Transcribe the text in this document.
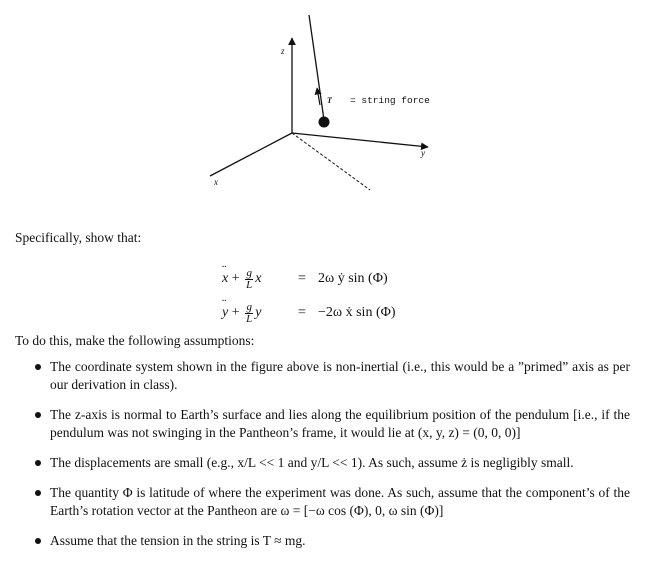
z
y
x
T = string force
Specifically, show that:
x ¨ + $\frac{g}{L}$ x	= 2ω ẏ sin (Φ)
y ¨ + $\frac{g}{L}$ y	= −2ω ẋ sin (Φ)
To do this, make the following assumptions:
The coordinate system shown in the figure above is non-inertial (i.e., this would be a ”primed” axis as per our derivation in class).
The z-axis is normal to Earth’s surface and lies along the equilibrium position of the pendulum [i.e., if the pendulum was not swinging in the Pantheon’s frame, it would lie at (x, y, z) = (0, 0, 0)]
The displacements are small (e.g., x/L << 1 and y/L << 1). As such, assume ż is negligibly small.
The quantity Φ is latitude of where the experiment was done. As such, assume that the component’s of the Earth’s rotation vector at the Pantheon are ω = [−ω cos (Φ), 0, ω sin (Φ)]
Assume that the tension in the string is T ≈ mg.
